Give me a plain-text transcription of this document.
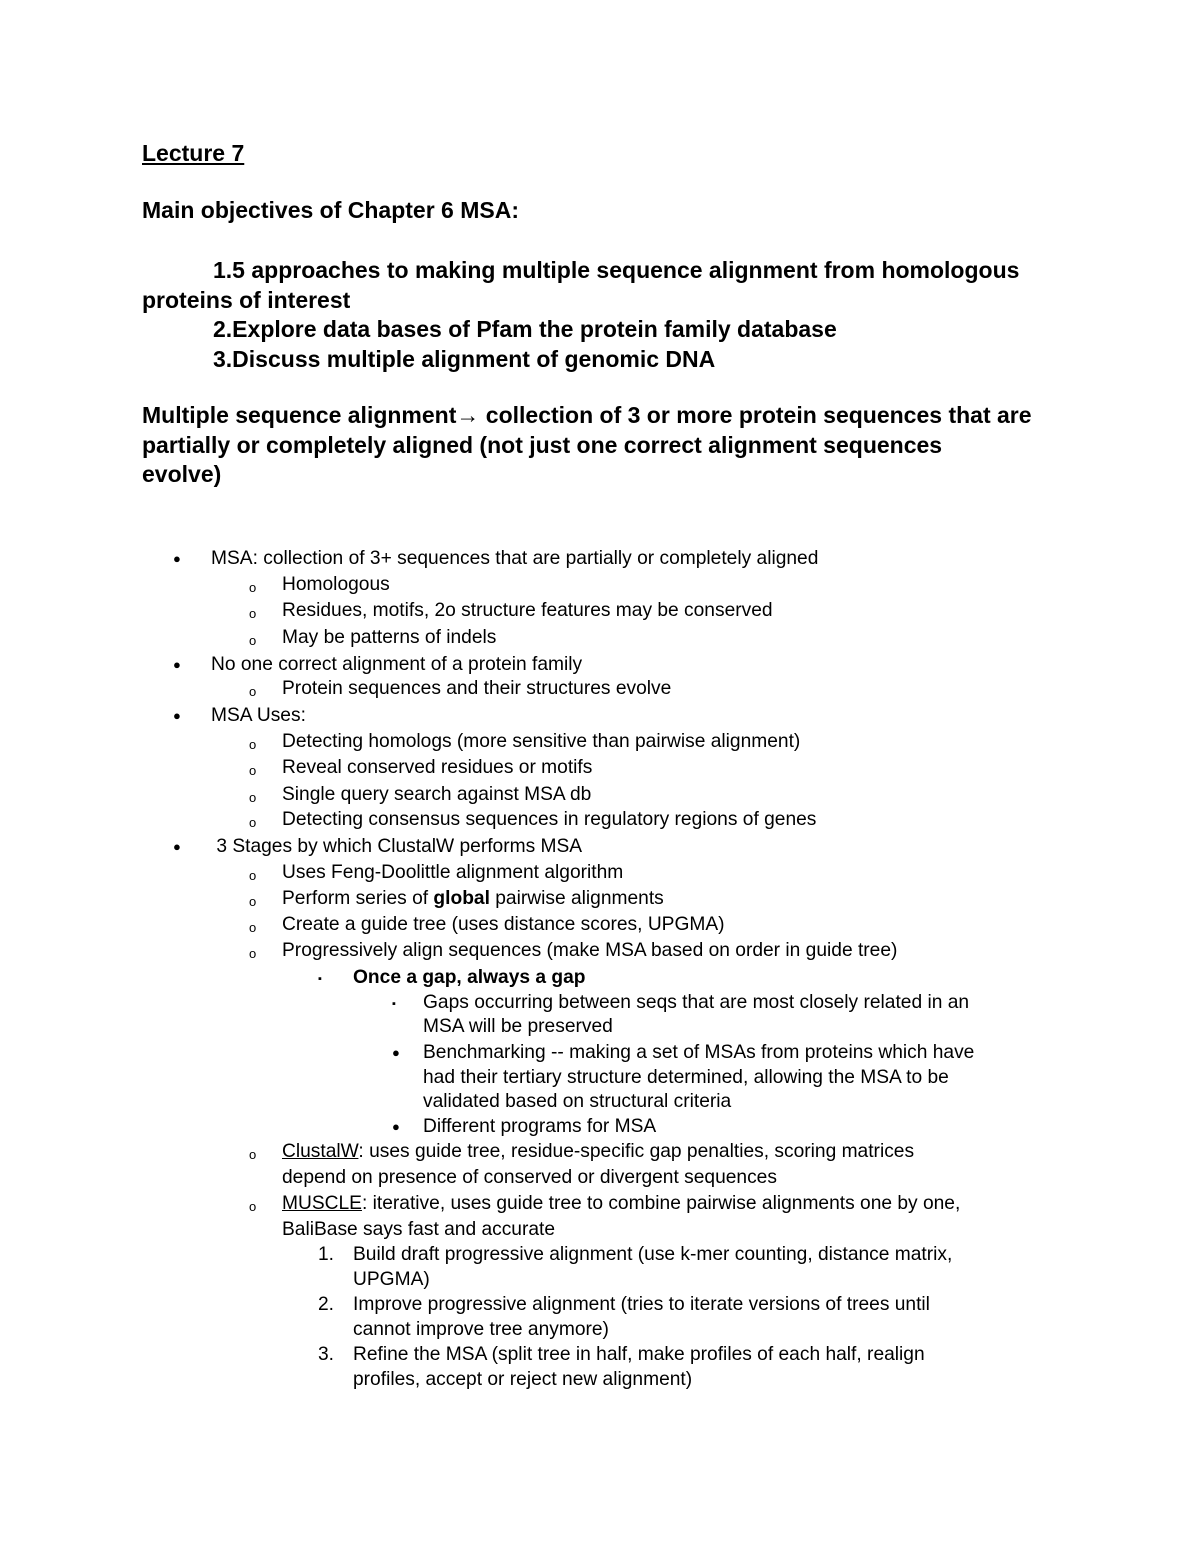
Lecture 7
Main objectives of Chapter 6 MSA:
1.5 approaches to making multiple sequence alignment from homologous
proteins of interest
2.Explore data bases of Pfam the protein family database
3.Discuss multiple alignment of genomic DNA
Multiple sequence alignment→ collection of 3 or more protein sequences that are
partially or completely aligned (not just one correct alignment sequences
evolve)
● MSA: collection of 3+ sequences that are partially or completely aligned
o Homologous
o Residues, motifs, 2o structure features may be conserved
o May be patterns of indels
● No one correct alignment of a protein family
o Protein sequences and their structures evolve
● MSA Uses:
o Detecting homologs (more sensitive than pairwise alignment)
o Reveal conserved residues or motifs
o Single query search against MSA db
o Detecting consensus sequences in regulatory regions of genes
● 3 Stages by which ClustalW performs MSA
o Uses Feng-Doolittle alignment algorithm
o Perform series of global pairwise alignments
o Create a guide tree (uses distance scores, UPGMA)
o Progressively align sequences (make MSA based on order in guide tree)
▪ Once a gap, always a gap
▪ Gaps occurring between seqs that are most closely related in an
MSA will be preserved
● Benchmarking -- making a set of MSAs from proteins which have
had their tertiary structure determined, allowing the MSA to be
validated based on structural criteria
● Different programs for MSA
o ClustalW: uses guide tree, residue-specific gap penalties, scoring matrices
depend on presence of conserved or divergent sequences
o MUSCLE: iterative, uses guide tree to combine pairwise alignments one by one,
BaliBase says fast and accurate
1. Build draft progressive alignment (use k-mer counting, distance matrix,
UPGMA)
2. Improve progressive alignment (tries to iterate versions of trees until
cannot improve tree anymore)
3. Refine the MSA (split tree in half, make profiles of each half, realign
profiles, accept or reject new alignment)
